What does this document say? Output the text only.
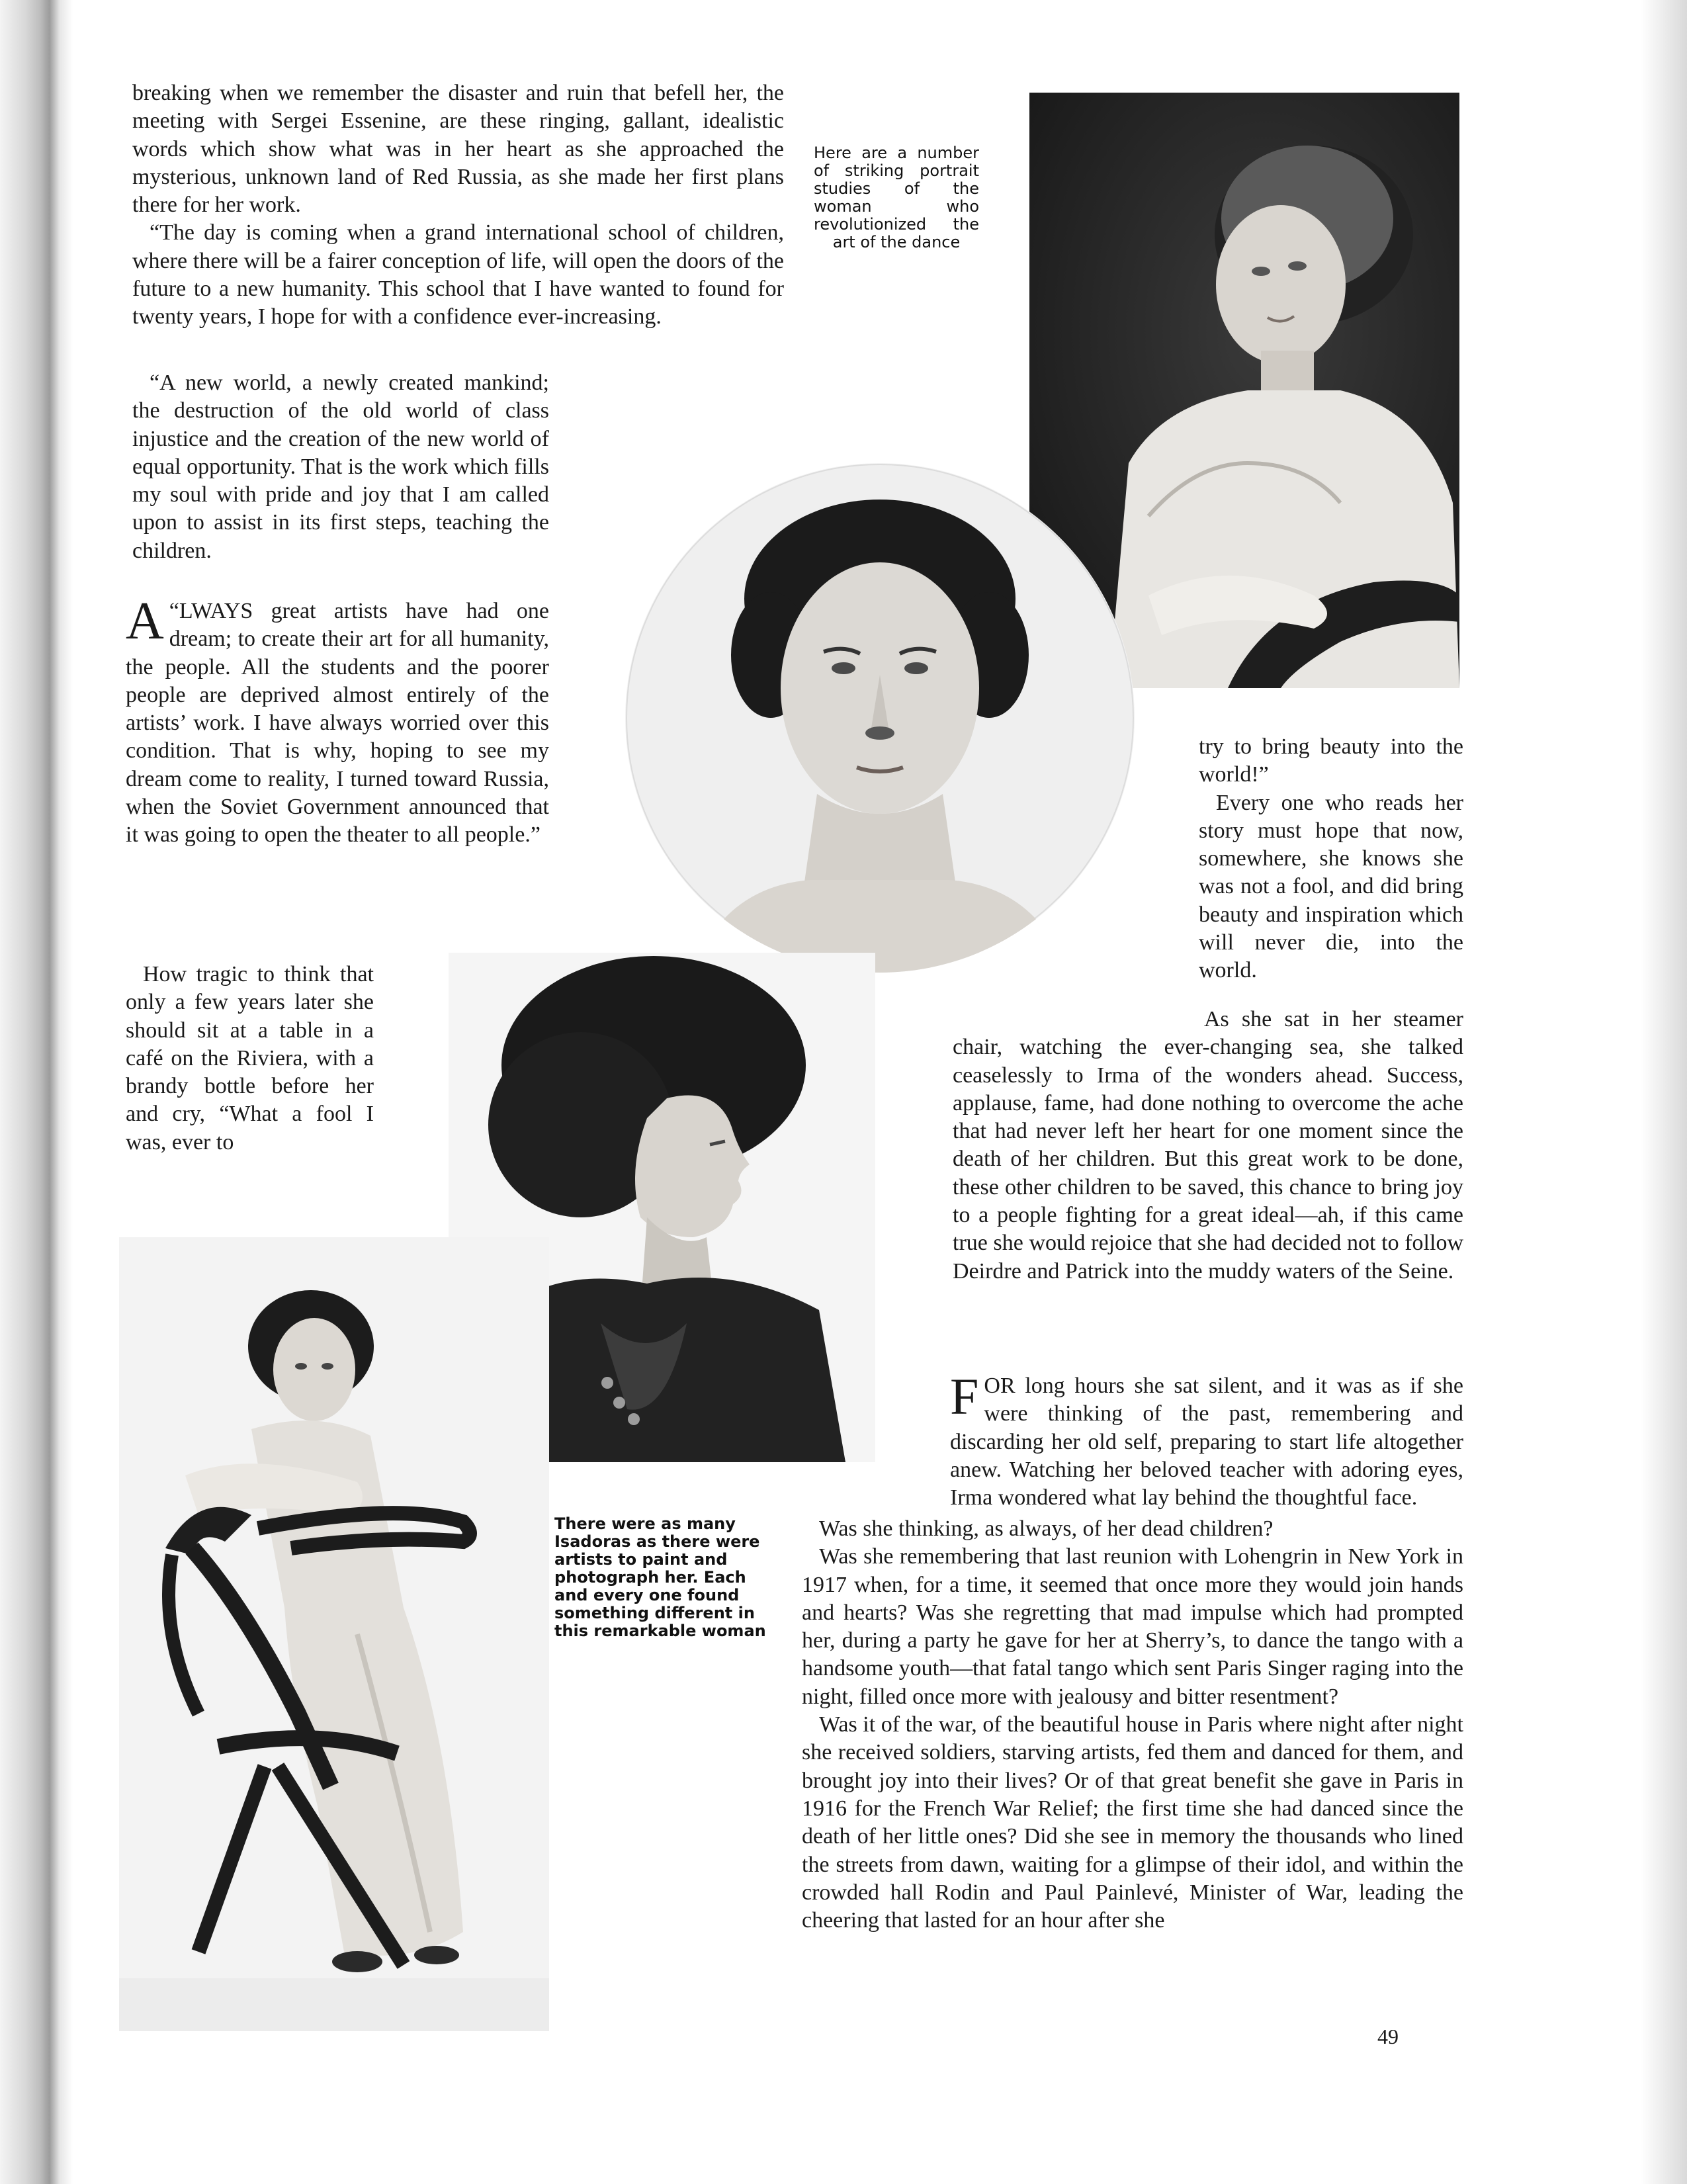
breaking when we remember the disaster and ruin that befell her, the meeting with Sergei Essenine, are these ringing, gallant, idealistic words which show what was in her heart as she approached the mysterious, unknown land of Red Russia, as she made her first plans there for her work.

“The day is coming when a grand international school of children, where there will be a fairer conception of life, will open the doors of the future to a new humanity. This school that I have wanted to found for twenty years, I hope for with a confidence ever-increasing.

“A new world, a newly created mankind; the destruction of the old world of class injustice and the creation of the new world of equal opportunity. That is the work which fills my soul with pride and joy that I am called upon to assist in its first steps, teaching the children.

“
A LWAYS great artists have had one dream; to create their art for all humanity, the people. All the students and the poorer people are deprived almost entirely of the artists’ work. I have always worried over this condition. That is why, hoping to see my dream come to reality, I turned toward Russia, when the Soviet Government announced that it was going to open the theater to all people.”

How tragic to think that only a few years later she should sit at a table in a café on the Riviera, with a brandy bottle before her and cry, “What a fool I was, ever to

try to bring beauty into the world!”

Every one who reads her story must hope that now, somewhere, she knows she was not a fool, and did bring beauty and inspiration which will never die, into the world.

As she sat in her steamer chair, watching the ever-changing sea, she talked ceaselessly to Irma of the wonders ahead. Success, applause, fame, had done nothing to overcome the ache that had never left her heart for one moment since the death of her children. But this great work to be done, these other children to be saved, this chance to bring joy to a people fighting for a great ideal—ah, if this came true she would rejoice that she had decided not to follow Deirdre and Patrick into the muddy waters of the Seine.

FOR long hours she sat silent, and it was as if she were thinking of the past, remembering and discarding her old self, preparing to start life altogether anew. Watching her beloved teacher with adoring eyes, Irma wondered what lay behind the thoughtful face.

Was she thinking, as always, of her dead children?

Was she remembering that last reunion with Lohengrin in New York in 1917 when, for a time, it seemed that once more they would join hands and hearts? Was she regretting that mad impulse which had prompted her, during a party he gave for her at Sherry’s, to dance the tango with a handsome youth—that fatal tango which sent Paris Singer raging into the night, filled once more with jealousy and bitter resentment?

Was it of the war, of the beautiful house in Paris where night after night she received soldiers, starving artists, fed them and danced for them, and brought joy into their lives? Or of that great benefit she gave in Paris in 1916 for the French War Relief; the first time she had danced since the death of her little ones? Did she see in memory the thousands who lined the streets from dawn, waiting for a glimpse of their idol, and within the crowded hall Rodin and Paul Painlevé, Minister of War, leading the cheering that lasted for an hour after she

Here are a number of striking portrait studies of the woman who revolutionized the art of the dance

There were as many Isadoras as there were artists to paint and photograph her. Each and every one found something different in this remarkable woman

49
